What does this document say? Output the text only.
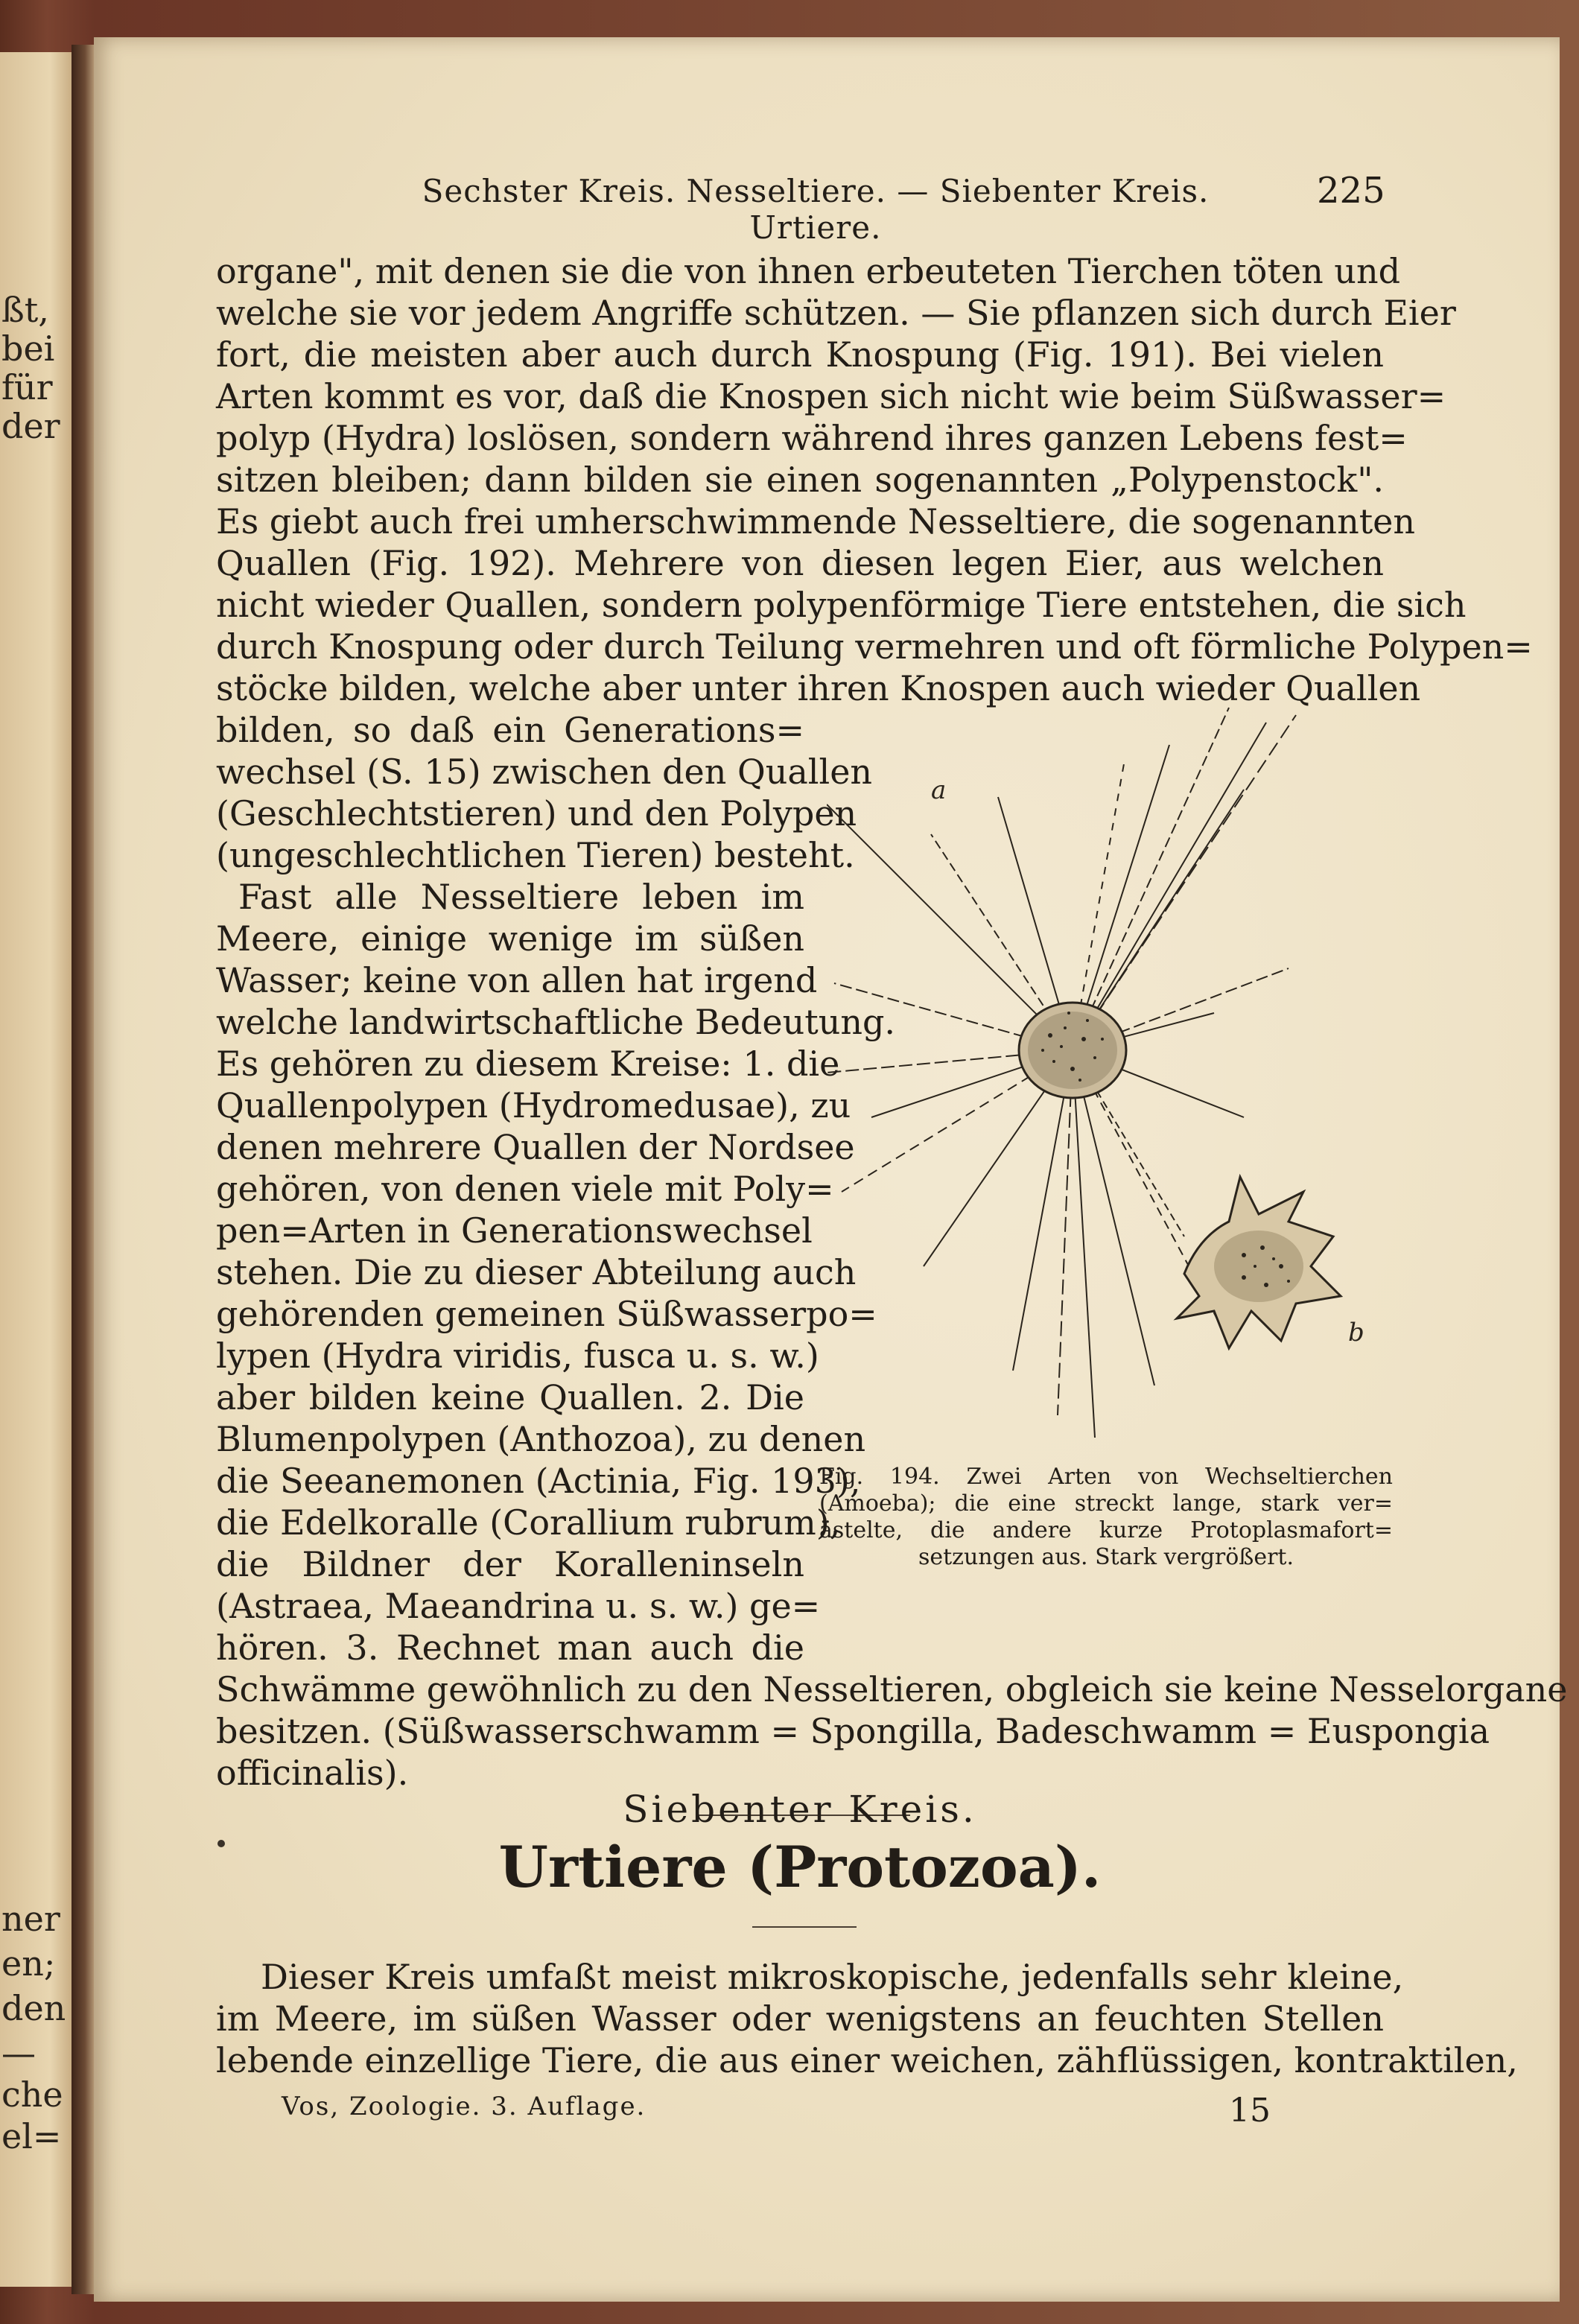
ßt,
bei
für
der
ner
en;
den
—
che
el=
Sechster Kreis. Nesseltiere. — Siebenter Kreis. Urtiere.
225
organe", mit denen sie die von ihnen erbeuteten Tierchen töten und
welche sie vor jedem Angriffe schützen. — Sie pflanzen sich durch Eier
fort, die meisten aber auch durch Knospung (Fig. 191). Bei vielen
Arten kommt es vor, daß die Knospen sich nicht wie beim Süßwasser=
polyp (Hydra) loslösen, sondern während ihres ganzen Lebens fest=
sitzen bleiben; dann bilden sie einen sogenannten „Polypenstock".
Es giebt auch frei umherschwimmende Nesseltiere, die sogenannten
Quallen (Fig. 192). Mehrere von diesen legen Eier, aus welchen
nicht wieder Quallen, sondern polypenförmige Tiere entstehen, die sich
durch Knospung oder durch Teilung vermehren und oft förmliche Polypen=
stöcke bilden, welche aber unter ihren Knospen auch wieder Quallen
bilden, so daß ein Generations=
wechsel (S. 15) zwischen den Quallen
(Geschlechtstieren) und den Polypen
(ungeschlechtlichen Tieren) besteht.
Fast alle Nesseltiere leben im
Meere, einige wenige im süßen
Wasser; keine von allen hat irgend
welche landwirtschaftliche Bedeutung.
Es gehören zu diesem Kreise: 1. die
Quallenpolypen (Hydromedusae), zu
denen mehrere Quallen der Nordsee
gehören, von denen viele mit Poly=
pen=Arten in Generationswechsel
stehen. Die zu dieser Abteilung auch
gehörenden gemeinen Süßwasserpo=
lypen (Hydra viridis, fusca u. s. w.)
aber bilden keine Quallen. 2. Die
Blumenpolypen (Anthozoa), zu denen
die Seeanemonen (Actinia, Fig. 193),
die Edelkoralle (Corallium rubrum),
die Bildner der Koralleninseln
(Astraea, Maeandrina u. s. w.) ge=
hören. 3. Rechnet man auch die
a
b
Fig. 194. Zwei Arten von Wechseltierchen
(Amoeba); die eine streckt lange, stark ver=
ästelte, die andere kurze Protoplasmafort=
setzungen aus. Stark vergrößert.
Schwämme gewöhnlich zu den Nesseltieren, obgleich sie keine Nesselorgane
besitzen. (Süßwasserschwamm = Spongilla, Badeschwamm = Euspongia
officinalis).
Siebenter Kreis.
Urtiere (Protozoa).
Dieser Kreis umfaßt meist mikroskopische, jedenfalls sehr kleine,
im Meere, im süßen Wasser oder wenigstens an feuchten Stellen
lebende einzellige Tiere, die aus einer weichen, zähflüssigen, kontraktilen,
Vos, Zoologie. 3. Auflage.	15
